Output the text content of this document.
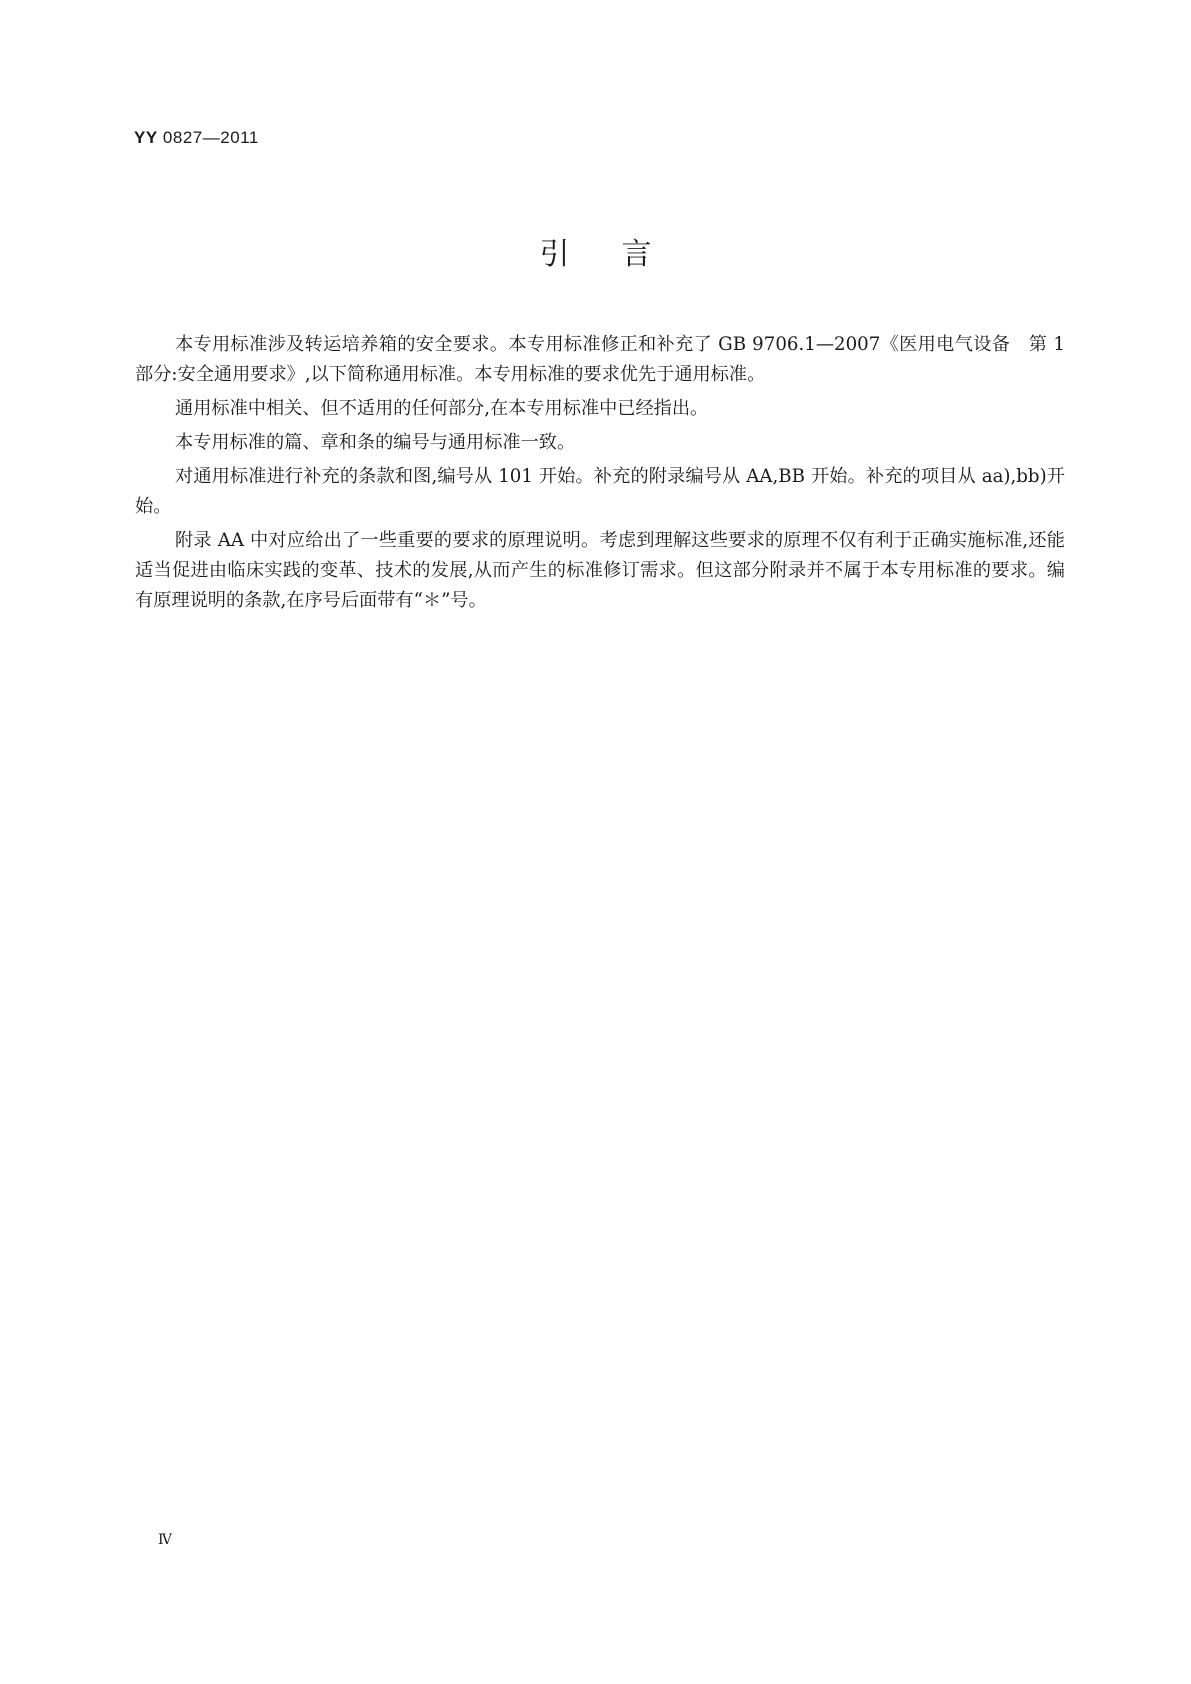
YY 0827—2011
引言

本专用标准涉及转运培养箱的安全要求。本专用标准修正和补充了 GB 9706.1—2007《医用电气设备　第 1 部分:安全通用要求》,以下简称通用标准。本专用标准的要求优先于通用标准。

通用标准中相关、但不适用的任何部分,在本专用标准中已经指出。

本专用标准的篇、章和条的编号与通用标准一致。

对通用标准进行补充的条款和图,编号从 101 开始。补充的附录编号从 AA,BB 开始。补充的项目从 aa),bb)开始。

附录 AA 中对应给出了一些重要的要求的原理说明。考虑到理解这些要求的原理不仅有利于正确实施标准,还能适当促进由临床实践的变革、技术的发展,从而产生的标准修订需求。但这部分附录并不属于本专用标准的要求。编有原理说明的条款,在序号后面带有“＊”号。

Ⅳ
